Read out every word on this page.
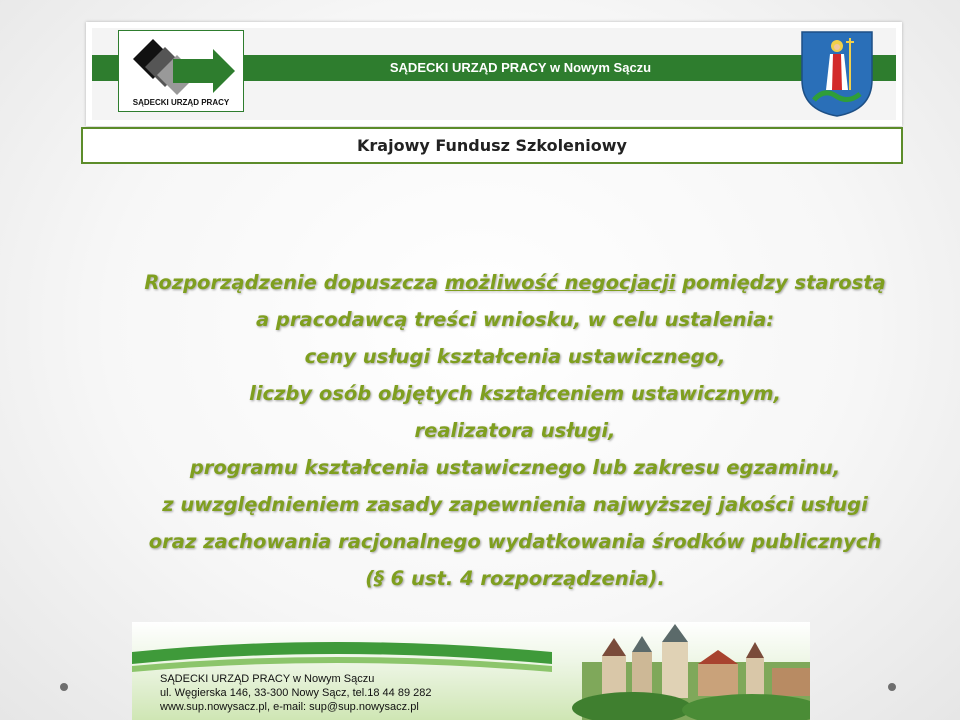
SĄDECKI URZĄD PRACY w Nowym Sączu
SĄDECKI URZĄD PRACY
Krajowy Fundusz Szkoleniowy
Rozporządzenie dopuszcza możliwość negocjacji pomiędzy starostą
a pracodawcą treści wniosku, w celu ustalenia:
ceny usługi kształcenia ustawicznego,
liczby osób objętych kształceniem ustawicznym,
realizatora usługi,
programu kształcenia ustawicznego lub zakresu egzaminu,
z uwzględnieniem zasady zapewnienia najwyższej jakości usługi
oraz zachowania racjonalnego wydatkowania środków publicznych
(§ 6 ust. 4 rozporządzenia).
SĄDECKI URZĄD PRACY w Nowym Sączu
ul. Węgierska 146, 33-300 Nowy Sącz, tel.18 44 89 282
www.sup.nowysacz.pl, e-mail: sup@sup.nowysacz.pl
